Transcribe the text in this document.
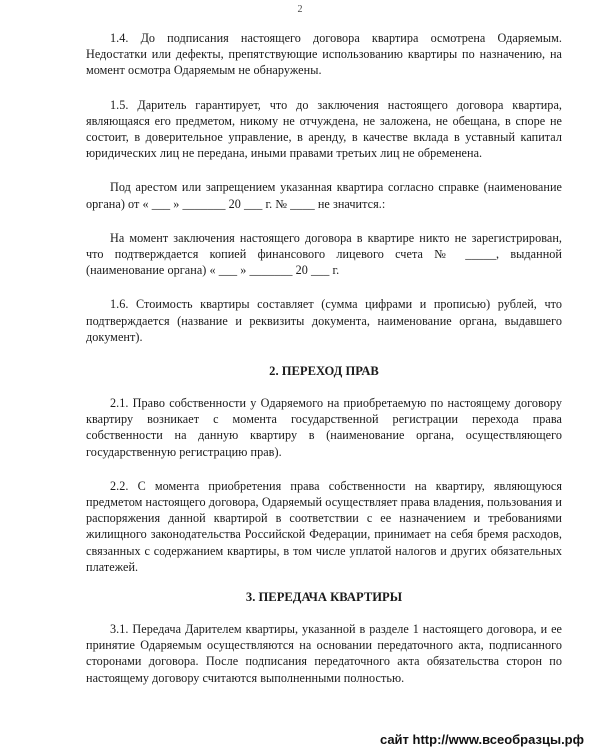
2

1.4. До подписания настоящего договора квартира осмотрена Одаряемым. Недостатки или дефекты, препятствующие использованию квартиры по назначению, на момент осмотра Одаряемым не обнаружены.

1.5. Даритель гарантирует, что до заключения настоящего договора квартира, являющаяся его предметом, никому не отчуждена, не заложена, не обещана, в споре не состоит, в доверительное управление, в аренду, в качестве вклада в уставный капитал юридических лиц не передана, иными правами третьих лиц не обременена.

Под арестом или запрещением указанная квартира согласно справке (наименование органа) от « ___ » _______ 20 ___ г. № ____ не значится.:

На момент заключения настоящего договора в квартире никто не зарегистрирован, что подтверждается копией финансового лицевого счета № _____, выданной (наименование органа) « ___ » _______ 20 ___ г.

1.6. Стоимость квартиры составляет (сумма цифрами и прописью) рублей, что подтверждается (название и реквизиты документа, наименование органа, выдавшего документ).

2. ПЕРЕХОД ПРАВ

2.1. Право собственности у Одаряемого на приобретаемую по настоящему договору квартиру возникает с момента государственной регистрации перехода права собственности на данную квартиру в (наименование органа, осуществляющего государственную регистрацию прав).

2.2. С момента приобретения права собственности на квартиру, являющуюся предметом настоящего договора, Одаряемый осуществляет права владения, пользования и распоряжения данной квартирой в соответствии с ее назначением и требованиями жилищного законодательства Российской Федерации, принимает на себя бремя расходов, связанных с содержанием квартиры, в том числе уплатой налогов и других обязательных платежей.

3. ПЕРЕДАЧА КВАРТИРЫ

3.1. Передача Дарителем квартиры, указанной в разделе 1 настоящего договора, и ее принятие Одаряемым осуществляются на основании передаточного акта, подписанного сторонами договора. После подписания передаточного акта обязательства сторон по настоящему договору считаются выполненными полностью.

сайт http://www.всеобразцы.рф
